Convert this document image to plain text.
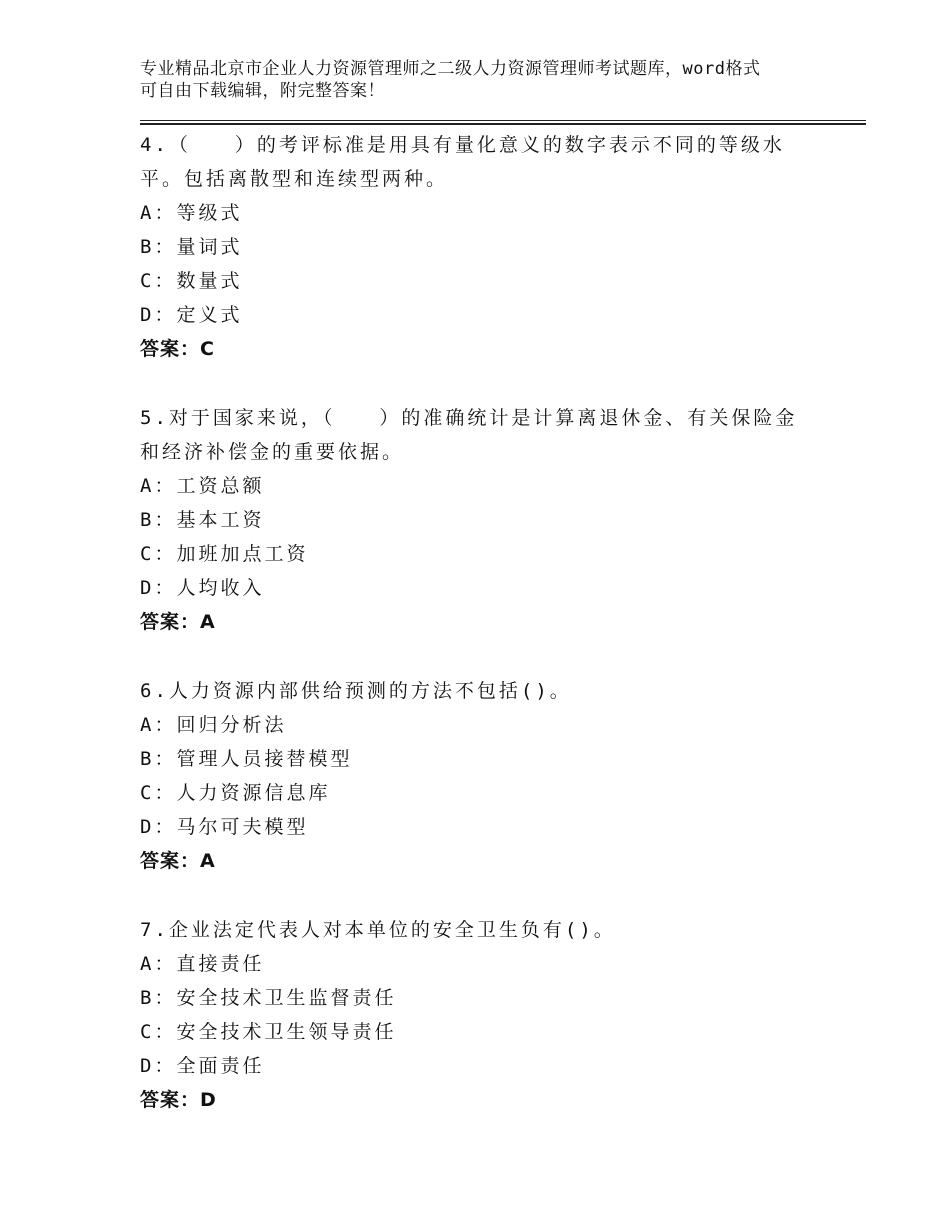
专业精品北京市企业人力资源管理师之二级人力资源管理师考试题库，word格式
可自由下载编辑，附完整答案！
4.（　　）的考评标准是用具有量化意义的数字表示不同的等级水
平。包括离散型和连续型两种。
A：等级式
B：量词式
C：数量式
D：定义式
答案：C
5.对于国家来说，（　　）的准确统计是计算离退休金、有关保险金
和经济补偿金的重要依据。
A：工资总额
B：基本工资
C：加班加点工资
D：人均收入
答案：A
6.人力资源内部供给预测的方法不包括()。
A：回归分析法
B：管理人员接替模型
C：人力资源信息库
D：马尔可夫模型
答案：A
7.企业法定代表人对本单位的安全卫生负有()。
A：直接责任
B：安全技术卫生监督责任
C：安全技术卫生领导责任
D：全面责任
答案：D
